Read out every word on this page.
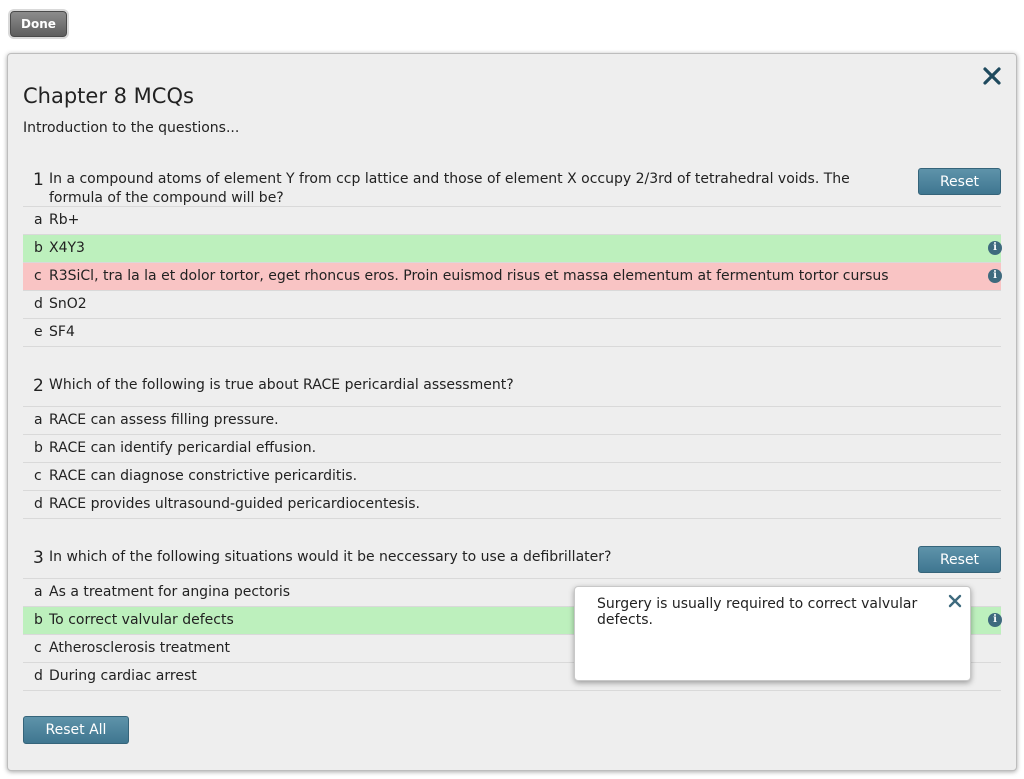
Done
Chapter 8 MCQs
Introduction to the questions...
1 In a compound atoms of element Y from ccp lattice and those of element X occupy 2/3rd of tetrahedral voids. The formula of the compound will be?
Reset
a Rb+
b X4Y3	i
c R3SiCl, tra la la et dolor tortor, eget rhoncus eros. Proin euismod risus et massa elementum at fermentum tortor cursus	i
d SnO2
e SF4
2 Which of the following is true about RACE pericardial assessment?
a RACE can assess filling pressure.
b RACE can identify pericardial effusion.
c RACE can diagnose constrictive pericarditis.
d RACE provides ultrasound-guided pericardiocentesis.
3 In which of the following situations would it be neccessary to use a defibrillater?	Reset
a As a treatment for angina pectoris
b To correct valvular defects	i
c Atherosclerosis treatment
d During cardiac arrest
Reset All
Surgery is usually required to correct valvular defects.
